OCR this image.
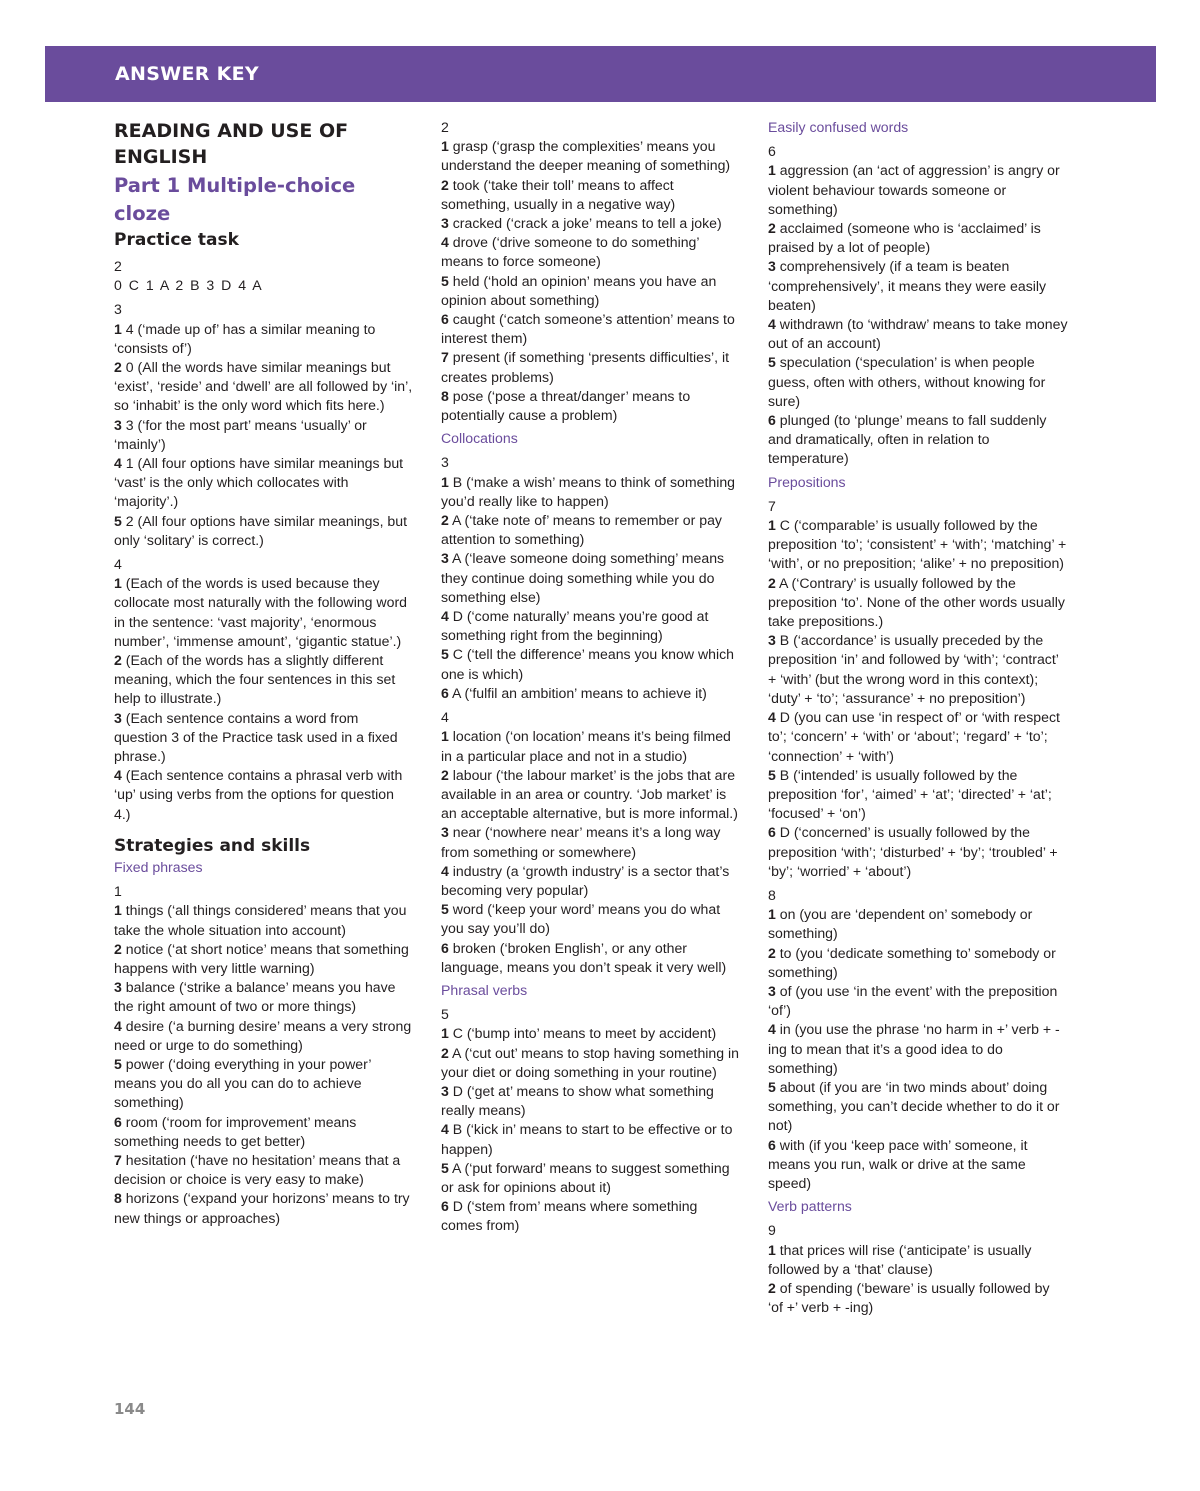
ANSWER KEY
READING AND USE OF ENGLISH
Part 1 Multiple-choice cloze
Practice task
2
0 C 1 A 2 B 3 D 4 A
3
1 4 (‘made up of’ has a similar meaning to ‘consists of’)
2 0 (All the words have similar meanings but ‘exist’, ‘reside’ and ‘dwell’ are all followed by ‘in’, so ‘inhabit’ is the only word which fits here.)
3 3 (‘for the most part’ means ‘usually’ or ‘mainly’)
4 1 (All four options have similar meanings but ‘vast’ is the only which collocates with ‘majority’.)
5 2 (All four options have similar meanings, but only ‘solitary’ is correct.)
4
1 (Each of the words is used because they collocate most naturally with the following word in the sentence: ‘vast majority’, ‘enormous number’, ‘immense amount’, ‘gigantic statue’.)
2 (Each of the words has a slightly different meaning, which the four sentences in this set help to illustrate.)
3 (Each sentence contains a word from question 3 of the Practice task used in a fixed phrase.)
4 (Each sentence contains a phrasal verb with ‘up’ using verbs from the options for question 4.)
Strategies and skills
Fixed phrases
1
1 things (‘all things considered’ means that you take the whole situation into account)
2 notice (‘at short notice’ means that something happens with very little warning)
3 balance (‘strike a balance’ means you have the right amount of two or more things)
4 desire (‘a burning desire’ means a very strong need or urge to do something)
5 power (‘doing everything in your power’ means you do all you can do to achieve something)
6 room (‘room for improvement’ means something needs to get better)
7 hesitation (‘have no hesitation’ means that a decision or choice is very easy to make)
8 horizons (‘expand your horizons’ means to try new things or approaches)
2
1 grasp (‘grasp the complexities’ means you understand the deeper meaning of something)
2 took (‘take their toll’ means to affect something, usually in a negative way)
3 cracked (‘crack a joke’ means to tell a joke)
4 drove (‘drive someone to do something’ means to force someone)
5 held (‘hold an opinion’ means you have an opinion about something)
6 caught (‘catch someone’s attention’ means to interest them)
7 present (if something ‘presents difficulties’, it creates problems)
8 pose (‘pose a threat/danger’ means to potentially cause a problem)
Collocations
3
1 B (‘make a wish’ means to think of something you’d really like to happen)
2 A (‘take note of’ means to remember or pay attention to something)
3 A (‘leave someone doing something’ means they continue doing something while you do something else)
4 D (‘come naturally’ means you’re good at something right from the beginning)
5 C (‘tell the difference’ means you know which one is which)
6 A (‘fulfil an ambition’ means to achieve it)
4
1 location (‘on location’ means it’s being filmed in a particular place and not in a studio)
2 labour (‘the labour market’ is the jobs that are available in an area or country. ‘Job market’ is an acceptable alternative, but is more informal.)
3 near (‘nowhere near’ means it’s a long way from something or somewhere)
4 industry (a ‘growth industry’ is a sector that’s becoming very popular)
5 word (‘keep your word’ means you do what you say you’ll do)
6 broken (‘broken English’, or any other language, means you don’t speak it very well)
Phrasal verbs
5
1 C (‘bump into’ means to meet by accident)
2 A (‘cut out’ means to stop having something in your diet or doing something in your routine)
3 D (‘get at’ means to show what something really means)
4 B (‘kick in’ means to start to be effective or to happen)
5 A (‘put forward’ means to suggest something or ask for opinions about it)
6 D (‘stem from’ means where something comes from)
Easily confused words
6
1 aggression (an ‘act of aggression’ is angry or violent behaviour towards someone or something)
2 acclaimed (someone who is ‘acclaimed’ is praised by a lot of people)
3 comprehensively (if a team is beaten ‘comprehensively’, it means they were easily beaten)
4 withdrawn (to ‘withdraw’ means to take money out of an account)
5 speculation (‘speculation’ is when people guess, often with others, without knowing for sure)
6 plunged (to ‘plunge’ means to fall suddenly and dramatically, often in relation to temperature)
Prepositions
7
1 C (‘comparable’ is usually followed by the preposition ‘to’; ‘consistent’ + ‘with’; ‘matching’ + ‘with’, or no preposition; ‘alike’ + no preposition)
2 A (‘Contrary’ is usually followed by the preposition ‘to’. None of the other words usually take prepositions.)
3 B (‘accordance’ is usually preceded by the preposition ‘in’ and followed by ‘with’; ‘contract’ + ‘with’ (but the wrong word in this context); ‘duty’ + ‘to’; ‘assurance’ + no preposition’)
4 D (you can use ‘in respect of’ or ‘with respect to’; ‘concern’ + ‘with’ or ‘about’; ‘regard’ + ‘to’; ‘connection’ + ‘with’)
5 B (‘intended’ is usually followed by the preposition ‘for’, ‘aimed’ + ‘at’; ‘directed’ + ‘at’; ‘focused’ + ‘on’)
6 D (‘concerned’ is usually followed by the preposition ‘with’; ‘disturbed’ + ‘by’; ‘troubled’ + ‘by’; ‘worried’ + ‘about’)
8
1 on (you are ‘dependent on’ somebody or something)
2 to (you ‘dedicate something to’ somebody or something)
3 of (you use ‘in the event’ with the preposition ‘of’)
4 in (you use the phrase ‘no harm in +’ verb + -ing to mean that it’s a good idea to do something)
5 about (if you are ‘in two minds about’ doing something, you can’t decide whether to do it or not)
6 with (if you ‘keep pace with’ someone, it means you run, walk or drive at the same speed)
Verb patterns
9
1 that prices will rise (‘anticipate’ is usually followed by a ‘that’ clause)
2 of spending (‘beware’ is usually followed by ‘of +’ verb + -ing)
144
